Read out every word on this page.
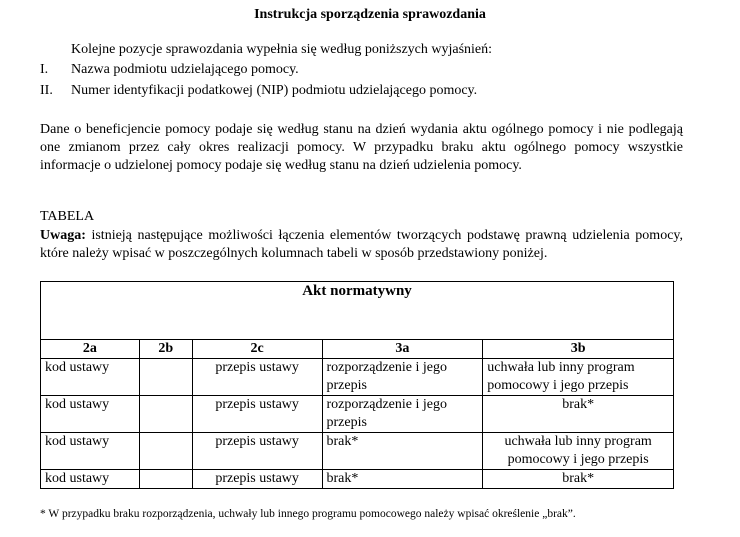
Instrukcja sporządzenia sprawozdania
Kolejne pozycje sprawozdania wypełnia się według poniższych wyjaśnień:
I. Nazwa podmiotu udzielającego pomocy.
II. Numer identyfikacji podatkowej (NIP) podmiotu udzielającego pomocy.
Dane o beneficjencie pomocy podaje się według stanu na dzień wydania aktu ogólnego pomocy i nie podlegają one zmianom przez cały okres realizacji pomocy. W przypadku braku aktu ogólnego pomocy wszystkie informacje o udzielonej pomocy podaje się według stanu na dzień udzielenia pomocy.
TABELA
Uwaga: istnieją następujące możliwości łączenia elementów tworzących podstawę prawną udzielenia pomocy, które należy wpisać w poszczególnych kolumnach tabeli w sposób przedstawiony poniżej.
Akt normatywny				
2a	2b	2c	3a	3b
kod ustawy		przepis ustawy	rozporządzenie i jego przepis	uchwała lub inny program pomocowy i jego przepis
kod ustawy		przepis ustawy	rozporządzenie i jego przepis	brak*
kod ustawy		przepis ustawy	brak*	uchwała lub inny program pomocowy i jego przepis
kod ustawy		przepis ustawy	brak*	brak*
* W przypadku braku rozporządzenia, uchwały lub innego programu pomocowego należy wpisać określenie „brak”.
